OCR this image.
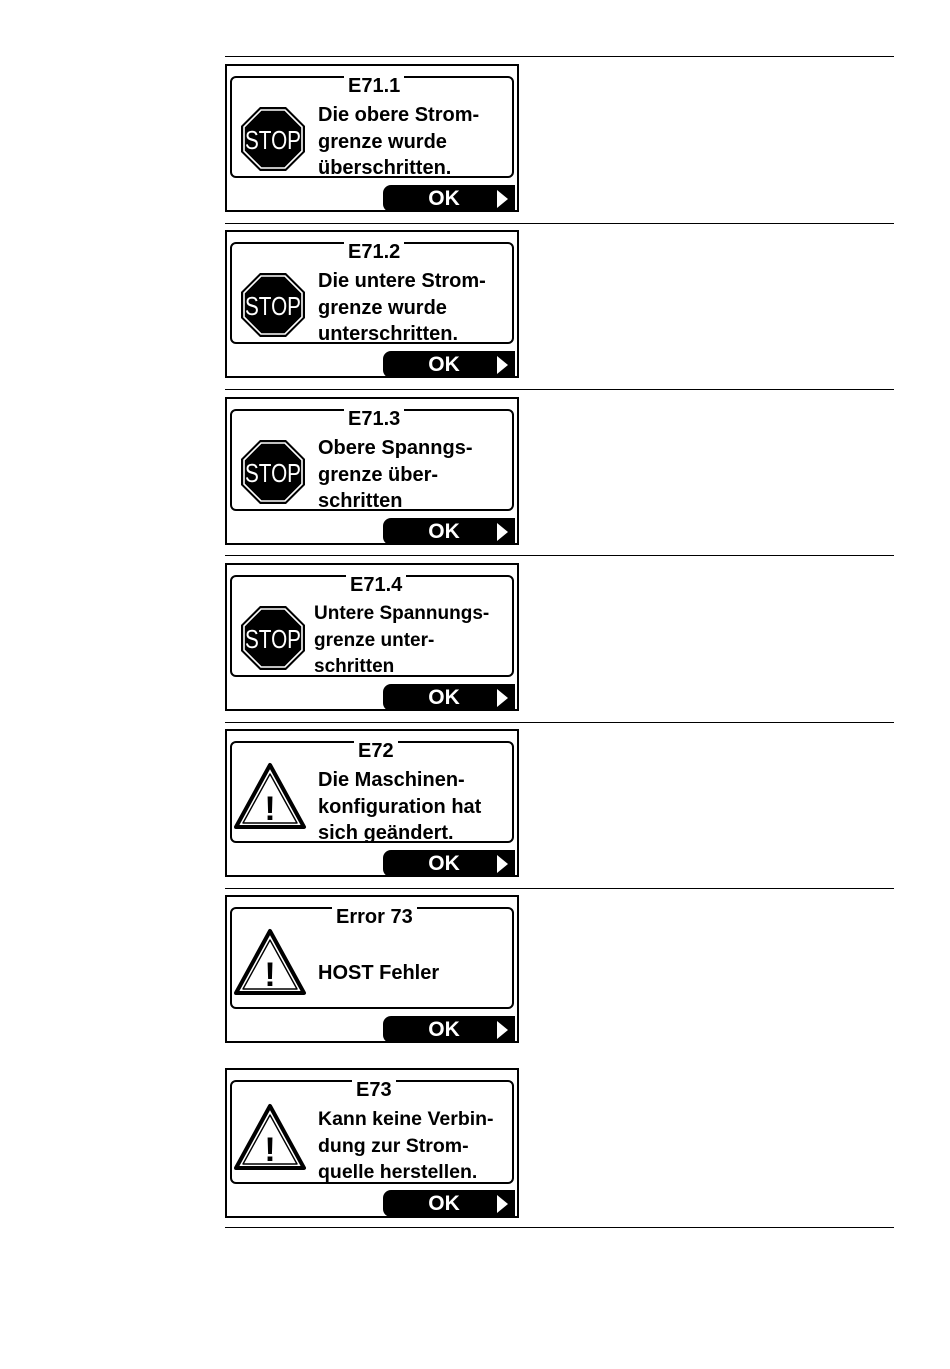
E71.1
STOP
Die obere Strom-
grenze wurde
überschritten.
OK
E71.2
STOP
Die untere Strom-
grenze wurde
unterschritten.
OK
E71.3
STOP
Obere Spanngs-
grenze über-
schritten
OK
E71.4
STOP
Untere Spannungs-
grenze unter-
schritten
OK
E72
!
Die Maschinen-
konfiguration hat
sich geändert.
OK
Error 73
! HOST Fehler
OK
E73
!
Kann keine Verbin-
dung zur Strom-
quelle herstellen.
OK
